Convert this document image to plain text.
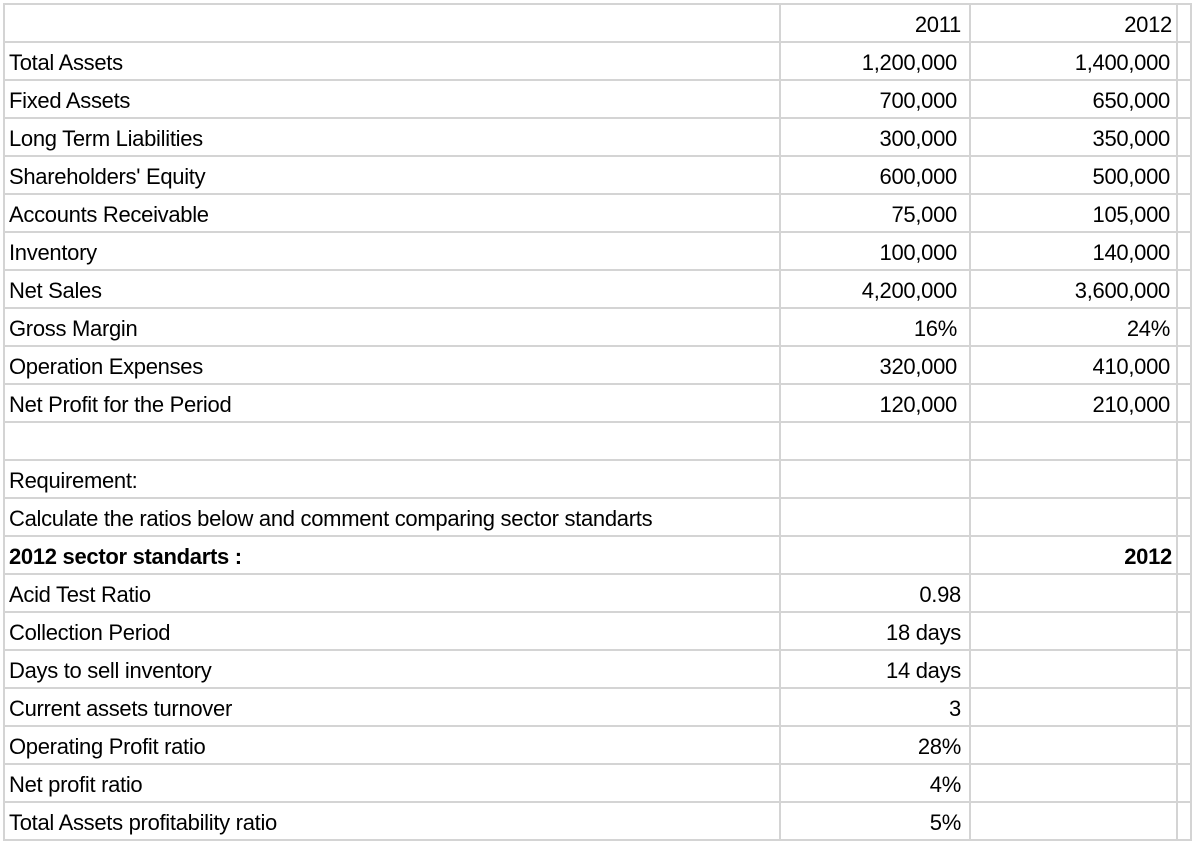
	2011	2012	
Total Assets	1,200,000	1,400,000	
Fixed Assets	700,000	650,000	
Long Term Liabilities	300,000	350,000	
Shareholders' Equity	600,000	500,000	
Accounts Receivable	75,000	105,000	
Inventory	100,000	140,000	
Net Sales	4,200,000	3,600,000	
Gross Margin	16%	24%	
Operation Expenses	320,000	410,000	
Net Profit for the Period	120,000	210,000	

Requirement:			
Calculate the ratios below and comment comparing sector standarts			
2012 sector standarts :		2012	
Acid Test Ratio	0.98		
Collection Period	18 days		
Days to sell inventory	14 days		
Current assets turnover	3		
Operating Profit ratio	28%		
Net profit ratio	4%		
Total Assets profitability ratio	5%		
